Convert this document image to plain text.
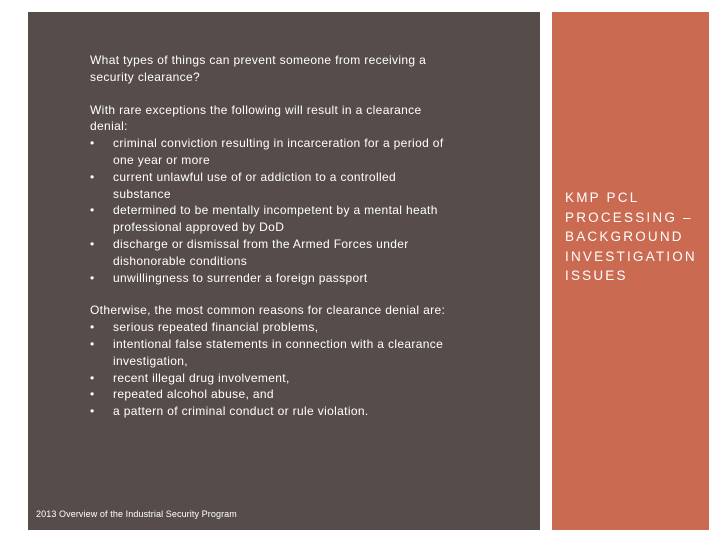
What types of things can prevent someone from receiving a security clearance?

With rare exceptions the following will result in a clearance denial:

•	criminal conviction resulting in incarceration for a period of one year or more
•	current unlawful use of or addiction to a controlled substance
•	determined to be mentally incompetent by a mental heath professional approved by DoD
•	discharge or dismissal from the Armed Forces under dishonorable conditions
•	unwillingness to surrender a foreign passport

Otherwise, the most common reasons for clearance denial are:

•	serious repeated financial problems,
•	intentional false statements in connection with a clearance investigation,
•	recent illegal drug involvement,
•	repeated alcohol abuse, and
•	a pattern of criminal conduct or rule violation.
2013 Overview of the Industrial Security Program
KMP PCL PROCESSING – BACKGROUND INVESTIGATION ISSUES
